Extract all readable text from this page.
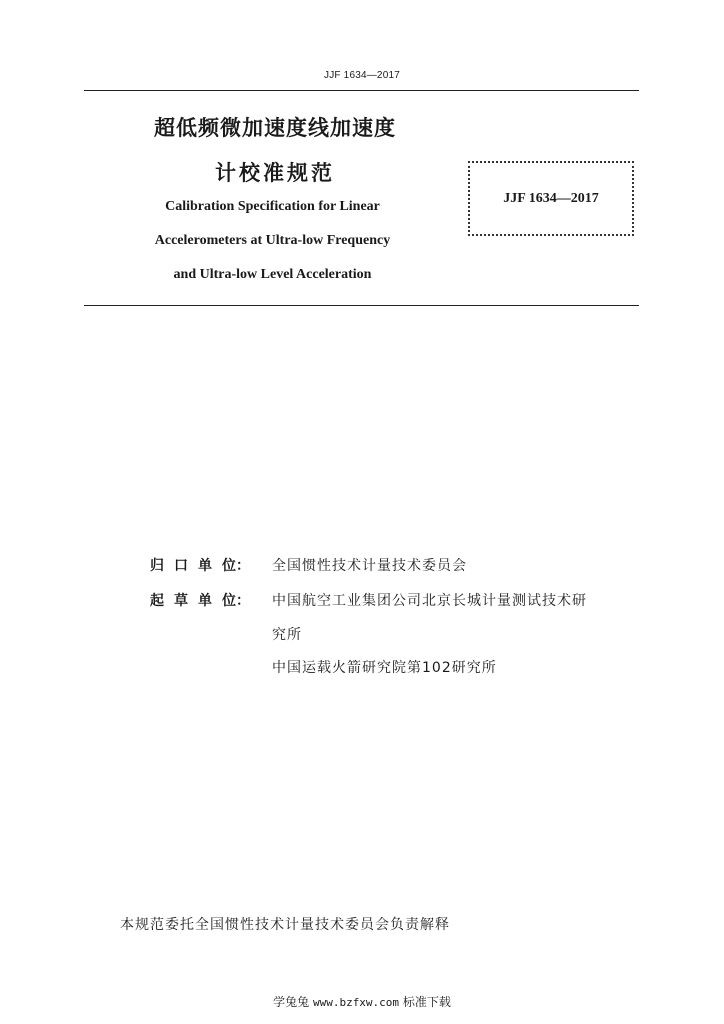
JJF 1634—2017
超低频微加速度线加速度
计校准规范
Calibration Specification for Linear
Accelerometers at Ultra-low Frequency
and Ultra-low Level Acceleration
JJF 1634—2017
归 口 单 位：	全国惯性技术计量技术委员会
起 草 单 位：	中国航空工业集团公司北京长城计量测试技术研
究所
中国运载火箭研究院第102研究所
本规范委托全国惯性技术计量技术委员会负责解释
学兔兔 www.bzfxw.com 标准下载
